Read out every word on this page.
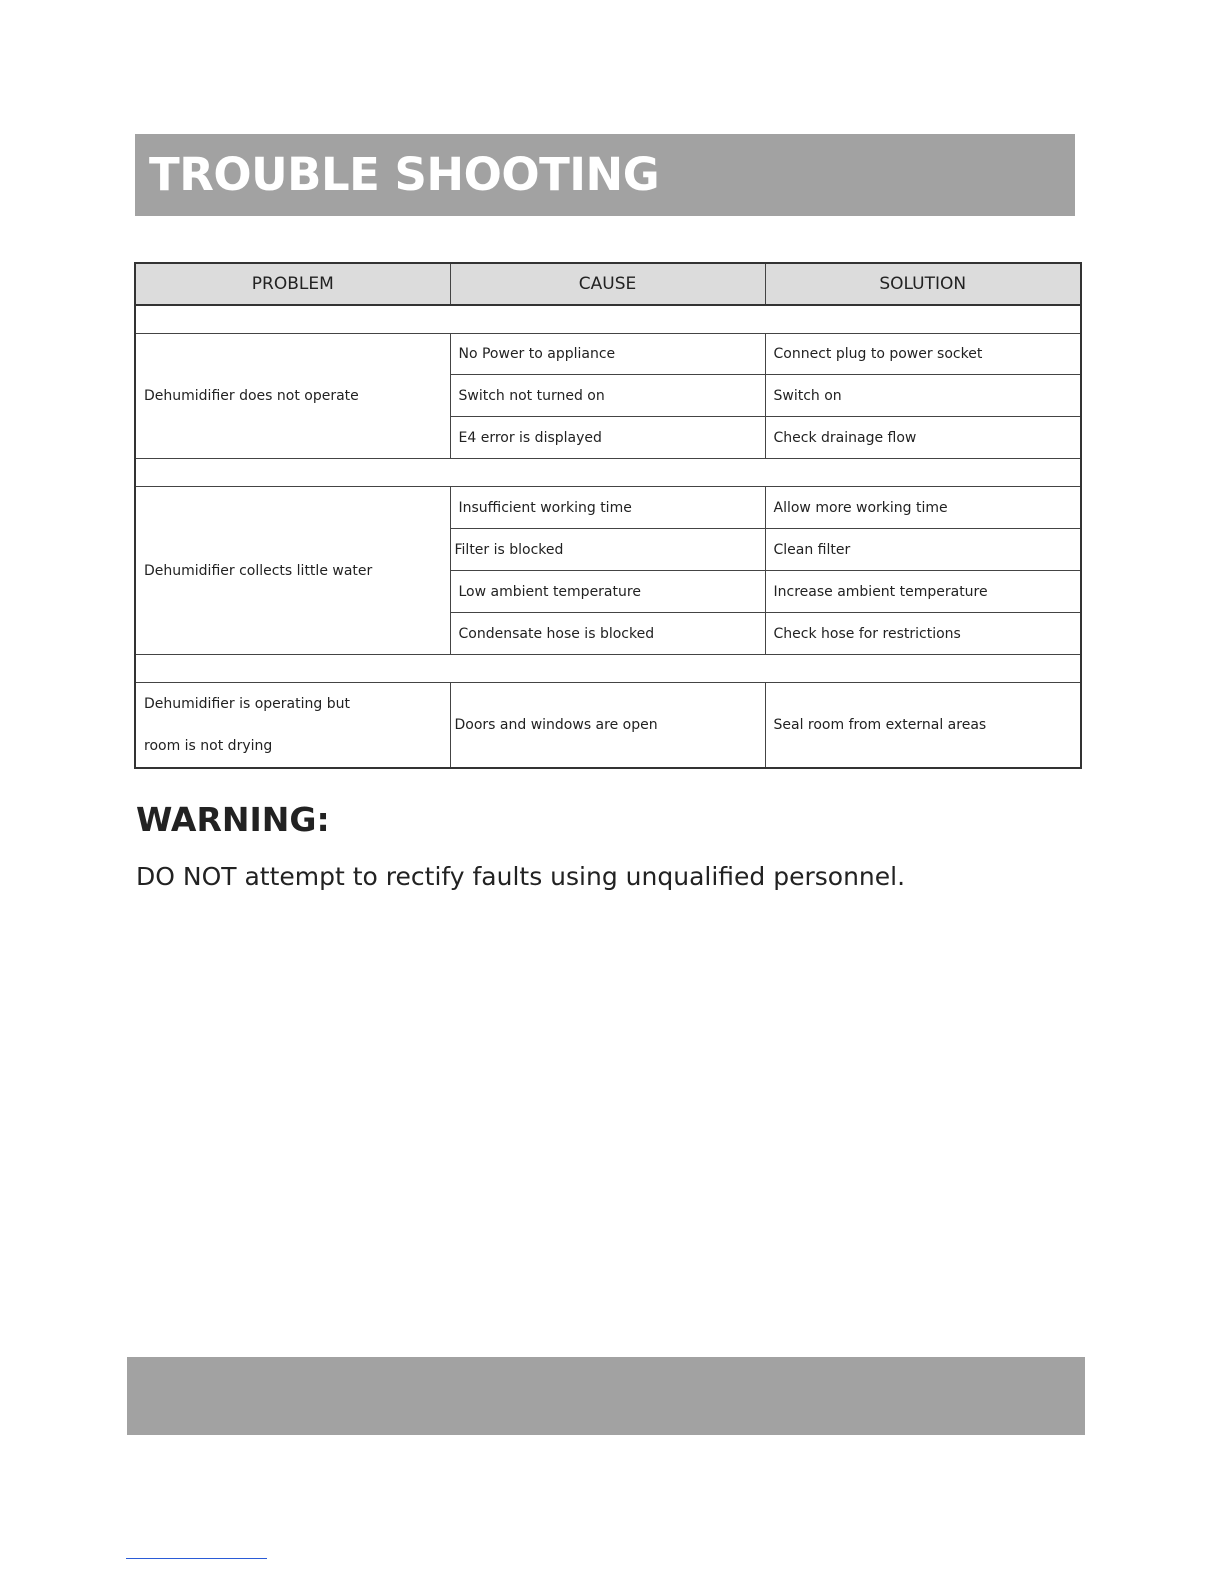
TROUBLE SHOOTING
PROBLEM	CAUSE	SOLUTION

Dehumidifier does not operate	No Power to appliance	Connect plug to power socket
	Switch not turned on	Switch on
	E4 error is displayed	Check drainage flow

Dehumidifier collects little water	Insufficient working time	Allow more working time
	Filter is blocked	Clean filter
	Low ambient temperature	Increase ambient temperature
	Condensate hose is blocked	Check hose for restrictions

Dehumidifier is operating but
room is not drying	Doors and windows are open	Seal room from external areas
WARNING:

DO NOT attempt to rectify faults using unqualified personnel.
